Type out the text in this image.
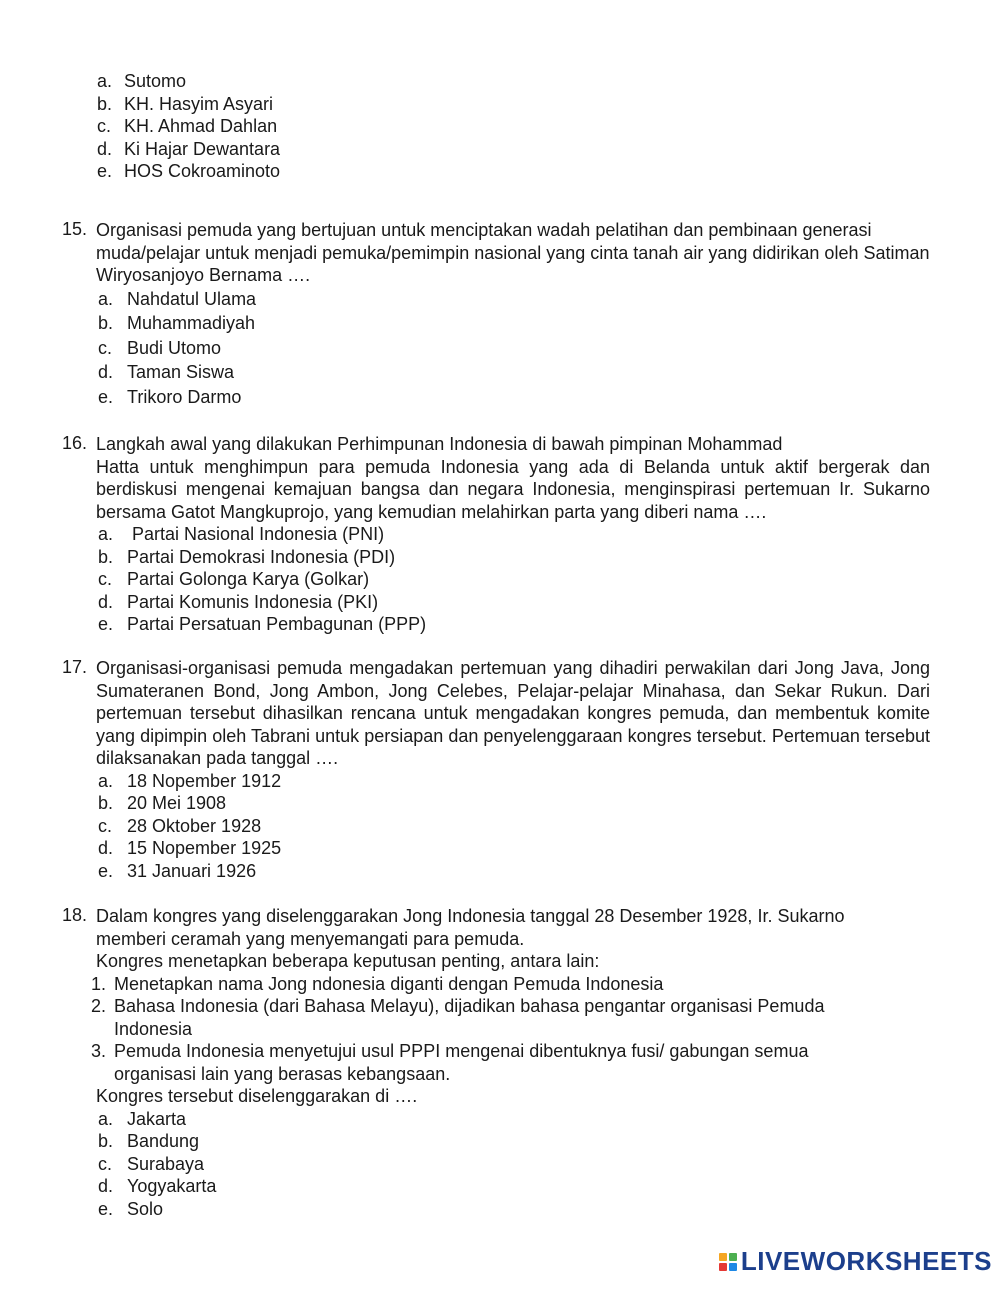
a. Sutomo
b. KH. Hasyim Asyari
c. KH. Ahmad Dahlan
d. Ki Hajar Dewantara
e. HOS Cokroaminoto
15. Organisasi pemuda yang bertujuan untuk menciptakan wadah pelatihan dan pembinaan generasi muda/pelajar untuk menjadi pemuka/pemimpin nasional yang cinta tanah air yang didirikan oleh Satiman Wiryosanjoyo Bernama ….
a. Nahdatul Ulama
b. Muhammadiyah
c. Budi Utomo
d. Taman Siswa
e. Trikoro Darmo
16. Langkah awal yang dilakukan Perhimpunan Indonesia di bawah pimpinan Mohammad
Hatta untuk menghimpun para pemuda Indonesia yang ada di Belanda untuk aktif bergerak dan berdiskusi mengenai kemajuan bangsa dan negara Indonesia, menginspirasi pertemuan Ir. Sukarno bersama Gatot Mangkuprojo, yang kemudian melahirkan parta yang diberi nama ….
a. Partai Nasional Indonesia (PNI)
b. Partai Demokrasi Indonesia (PDI)
c. Partai Golonga Karya (Golkar)
d. Partai Komunis Indonesia (PKI)
e. Partai Persatuan Pembagunan (PPP)
17. Organisasi-organisasi pemuda mengadakan pertemuan yang dihadiri perwakilan dari Jong Java, Jong Sumateranen Bond, Jong Ambon, Jong Celebes, Pelajar-pelajar Minahasa, dan Sekar Rukun. Dari pertemuan tersebut dihasilkan rencana untuk mengadakan kongres pemuda, dan membentuk komite yang dipimpin oleh Tabrani untuk persiapan dan penyelenggaraan kongres tersebut. Pertemuan tersebut dilaksanakan pada tanggal ….
a. 18 Nopember 1912
b. 20 Mei 1908
c. 28 Oktober 1928
d. 15 Nopember 1925
e. 31 Januari 1926
18. Dalam kongres yang diselenggarakan Jong Indonesia tanggal 28 Desember 1928, Ir. Sukarno memberi ceramah yang menyemangati para pemuda.

Kongres menetapkan beberapa keputusan penting, antara lain:

1. Menetapkan nama Jong ndonesia diganti dengan Pemuda Indonesia
2. Bahasa Indonesia (dari Bahasa Melayu), dijadikan bahasa pengantar organisasi Pemuda Indonesia
3. Pemuda Indonesia menyetujui usul PPPI mengenai dibentuknya fusi/ gabungan semua organisasi lain yang berasas kebangsaan.

Kongres tersebut diselenggarakan di ….

a. Jakarta
b. Bandung
c. Surabaya
d. Yogyakarta
e. Solo
LIVEWORKSHEETS
